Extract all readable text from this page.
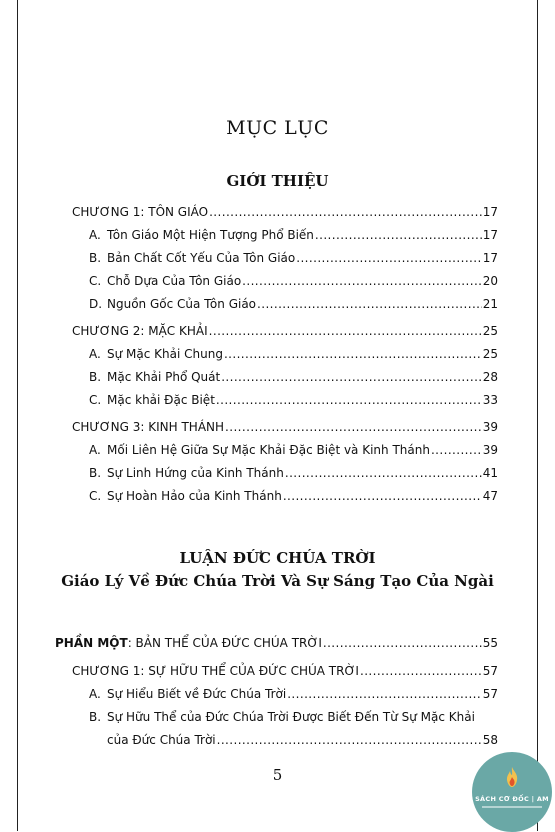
MỤC LỤC
GIỚI THIỆU
CHƯƠNG 1: TÔN GIÁO .....	17
A. Tôn Giáo Một Hiện Tượng Phổ Biến .....	17
B. Bản Chất Cốt Yếu Của Tôn Giáo .....	17
C. Chỗ Dựa Của Tôn Giáo .....	20
D. Nguồn Gốc Của Tôn Giáo .....	21
CHƯƠNG 2: MẶC KHẢI .....	25
A. Sự Mặc Khải Chung .....	25
B. Mặc Khải Phổ Quát .....	28
C. Mặc khải Đặc Biệt .....	33
CHƯƠNG 3: KINH THÁNH .....	39
A. Mối Liên Hệ Giữa Sự Mặc Khải Đặc Biệt và Kinh Thánh .....	39
B. Sự Linh Hứng của Kinh Thánh .....	41
C. Sự Hoàn Hảo của Kinh Thánh .....	47
LUẬN ĐỨC CHÚA TRỜI
Giáo Lý Về Đức Chúa Trời Và Sự Sáng Tạo Của Ngài
PHẦN MỘT: BẢN THỂ CỦA ĐỨC CHÚA TRỜI .....	55
CHƯƠNG 1: SỰ HỮU THỂ CỦA ĐỨC CHÚA TRỜI .....	57
A. Sự Hiểu Biết về Đức Chúa Trời .....	57
B. Sự Hữu Thể của Đức Chúa Trời Được Biết Đến Từ Sự Mặc Khải
của Đức Chúa Trời .....	58
5
SÁCH CƠ ĐỐC | AM
